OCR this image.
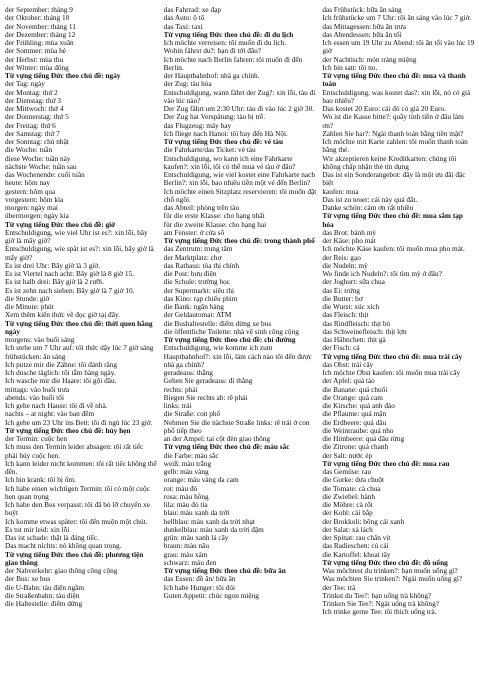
der September: tháng 9
der Oktober: tháng 10
der November: tháng 11
der Dezember: tháng 12
der Frühling: mùa xuân
der Sommer: mùa hè
der Herbst: mùa thu
der Winter: mùa đông
Từ vựng tiếng Đức theo chủ đề: ngày
der Tag: ngày
der Montag: thứ 2
der Dienstag: thứ 3
der Mittwoch: thứ 4
der Donnerstag: thứ 5
der Freitag: thứ 6
der Samstag: thứ 7
der Sonntag: chủ nhật
die Woche: tuần
diese Woche: tuần này
nächste Woche: tuần sau
das Wochenende: cuối tuần
heute: hôm nay
gestern: hôm qua
vorgestern: hôm kia
morgen: ngày mai
übermorgen: ngày kia
Từ vựng tiếng Đức theo chủ đề: giờ
Entschuldigung, wie viel Uhr ist es?: xin lỗi, bây giờ là mấy giờ?
Entschuldigung, wie spät ist es?: xin lỗi, bây giờ là mấy giờ?
Es ist drei Uhr: Bây giờ là 3 giờ.
Es ist Viertel nach acht: Bây giờ là 8 giờ 15.
Es ist halb drei: Bây giờ là 2 rưỡi.
Es ist zehn nach sieben: Bây giờ là 7 giờ 10.
die Stunde: giờ
die Minute: phút
Xem thêm kiến thức về đọc giờ tại đây.
Từ vựng tiếng Đức theo chủ đề: thời quen hằng ngày
morgens: vào buổi sáng
Ich stehe um 7 Uhr auf: tôi thức dậy lúc 7 giờ sáng
frühstücken: ăn sáng
Ich putze mir die Zähne: tôi đánh răng
Ich dusche täglich: tôi tắm hàng ngày.
Ich wasche mir die Haare: tôi gội đầu.
mittags: vào buổi trưa
abends: vào buổi tối
Ich gehe nach Hause: tôi đi về nhà.
nachts – at night: vào ban đêm
Ich gehe um 23 Uhr ins Bett: tôi đi ngủ lúc 23 giờ.
Từ vựng tiếng Đức theo chủ đề: hủy hẹn
der Termin: cuộc hẹn
Ich muss den Termin leider absagen: tôi rất tiếc phải hủy cuộc hẹn.
Ich kann leider nicht kommen: tôi rất tiếc không thể đến.
Ich bin krank: tôi bị ốm.
Ich habe einen wichtigen Termin: tôi có một cuộc hẹn quan trọng
Ich habe den Bus verpasst: tôi đã bỏ lỡ chuyến xe buýt
Ich komme etwas später: tôi đến muộn một chút.
Es tut mir leid: xin lỗi
Das ist schade: thật là đáng tiếc.
Das macht nichts: nó không quan trọng.
Từ vựng tiếng Đức theo chủ đề: phương tiện giao thông
der Nahverkehr: giao thông công cộng
der Bus: xe bus
die U-Bahn: tàu điện ngầm
die Straßenbahn: tàu điện
die Haltestelle: điểm dừng
das Fahrrad: xe đạp
das Auto: ô tô
das Taxi: taxi
Từ vựng tiếng Đức theo chủ đề: đi du lịch
Ich möchte verreisen: tôi muốn đi du lịch.
Wohin fährst du?: bạn đi tới đâu?
Ich möchte nach Berlin fahren: tôi muốn đi đến Berlin.
der Hauptbahnhof: nhà ga chính.
der Zug: tàu hỏa
Entschuldigung, wann fährt der Zug?: xin lỗi, tàu đi vào lúc nào?
Der Zug fährt um 2:30 Uhr: tàu đi vào lúc 2 giờ 30.
Der Zug hat Verspätung: tàu bị trễ.
das Flugzeug: máy bay
Ich fliege nach Hanoi: tôi bay đến Hà Nội.
Từ vựng tiếng Đức theo chủ đề: vé tàu
die Fahrkarte/das Ticket: vé tàu
Entschuldigung, wo kann ich eine Fahrkarte kaufen?: xin lỗi, tôi có thể mua vé tàu ở đâu?
Entschuldigung, wie viel kostet eine Fahrkarte nach Berlin?: xin lỗi, bao nhiêu tiền một vé đến Berlin?
Ich möchte einen Sitzplatz reservieren: tôi muốn đặt chỗ ngồi.
das Abteil: phòng trên tàu
für die erste Klasse: cho hạng nhất
für die zweite Klasse: cho hạng hai
am Fenster: ở cửa sổ
Từ vựng tiếng Đức theo chủ đề: trong thành phố
das Zentrum: trung tâm
der Marktplatz: chợ
das Rathaus: tòa thị chính
die Post: bưu điện
die Schule: trường học
der Supermarkt: siêu thị
das Kino: rạp chiếu phim
die Bank: ngân hàng
der Geldautomat: ATM
die Bushaltestelle: điểm dừng xe bus
die öffentliche Toilette: nhà vệ sinh công cộng
Từ vựng tiếng Đức theo chủ đề: chỉ đường
Entschuldigung, wie komme ich zum Hauptbahnhof?: xin lỗi, làm cách nào tôi đến được nhà ga chính?
geradeaus: thẳng
Gehen Sie geradeaus: đi thẳng
rechts: phải
Biegen Sie rechts ab: rẽ phải
links: trái
die Straße: con phố
Nehmen Sie die nächste Straße links: rẽ trái ở con phố tiếp theo
an der Ampel: tại cột đèn giao thông
Từ vựng tiếng Đức theo chủ đề: màu sắc
die Farbe: màu sắc
weiß: màu trắng
gelb: màu vàng
orange: màu vàng da cam
rot: màu đỏ
rosa: màu hồng
lila: màu đỏ tía
blau: màu xanh da trời
hellblau: màu xanh da trời nhạt
dunkelblau: màu xanh da trời đậm
grün: màu xanh lá cây
braun: màu nâu
grau: màu xám
schwarz: màu đen
Từ vựng tiếng Đức theo chủ đề: bữa ăn
das Essen: đồ ăn/ bữa ăn
Ich habe Hunger: tôi đói
Guten Appetit: chúc ngon miệng
das Frühstück: bữa ăn sáng
Ich frühstücke um 7 Uhr: tôi ăn sáng vào lúc 7 giờ.
das Mittagessen: bữa ăn trưa
das Abendessen: bữa ăn tối
Ich essen um 19 Uhr zu Abend: tôi ăn tối vào lúc 19 giờ
der Nachtisch: món tráng miệng
Ich bin satt: tôi no.
Từ vựng tiếng Đức theo chủ đề: mua và thanh toán
Entschuldigung, was kostet das?: xin lỗi, nó có giá bao nhiêu?
Das kostet 20 Euro: cái đó có giá 20 Euro.
Wo ist die Kasse bitte?: quầy tính tiền ở đâu làm ơn?
Zahlen Sie bar?: Ngài thanh toán bằng tiền mặt?
Ich möchte mit Karte zahlen: tôi muốn thanh toán bằng thẻ.
Wir akzeptieren keine Kreditkarten: chúng tôi không chấp nhận thẻ tín dụng
Das ist ein Sonderangebot: đây là một ưu đãi đặc biệt
kaufen: mua
Das ist zu teuer: cái này quá đắt.
Danke schön: cảm ơn rất nhiều
Từ vựng tiếng Đức theo chủ đề: mua sắm tạp hóa
das Brot: bánh mỳ
der Käse: pho mát
Ich möchte Käse kaufen: tôi muốn mua pho mát.
der Reis: gạo
die Nudeln: mỳ
Wo finde ich Nudeln?: tôi tìm mỳ ở đâu?
der Joghurt: sữa chua
das Ei: trứng
die Butter: bơ
die Wurst: xúc xích
das Fleisch: thịt
das Rindfleisch: thịt bò
das Schweinefleisch: thịt lợn
das Hähnchen: thịt gà
der Fisch: cá
Từ vựng tiếng Đức theo chủ đề: mua trái cây
das Obst: trái cây
Ich möchte Obst kaufen: tôi muốn mua trái cây
der Apfel: quả táo
die Banane: quả chuối
die Orange: quả cam
die Kirsche: quả anh đào
die Pflaume: quả mận
die Erdbeere: quả dâu
die Weintraube: quả nho
die Himbeere: quả dâu rừng
die Zitrone: quả chanh
der Salt: nước ép
Từ vựng tiếng Đức theo chủ đề: mua rau
das Gemüse: rau
die Gurke: dưa chuột
die Tomate: cà chua
die Zwiebel: hành
die Möhre: cà rốt
der Kohl: cải bắp
der Brokkoli: bông cải xanh
der Salat: xà lách
der Spinat: rau chân vịt
das Radieschen: củ cải
die Kartoffel: khoai tây
Từ vựng tiếng Đức theo chủ đề: đồ uống
Was möchtest du trinken?: bạn muốn uống gì?
Was möchten Sie trinken?: Ngài muốn uống gì?
der Tee: trà
Trinkst du Tee?: bạn uống trà không?
Trinken Sie Tee?: Ngài uống trà không?
Ich trinke gerne Tee: tôi thích uống trà.
